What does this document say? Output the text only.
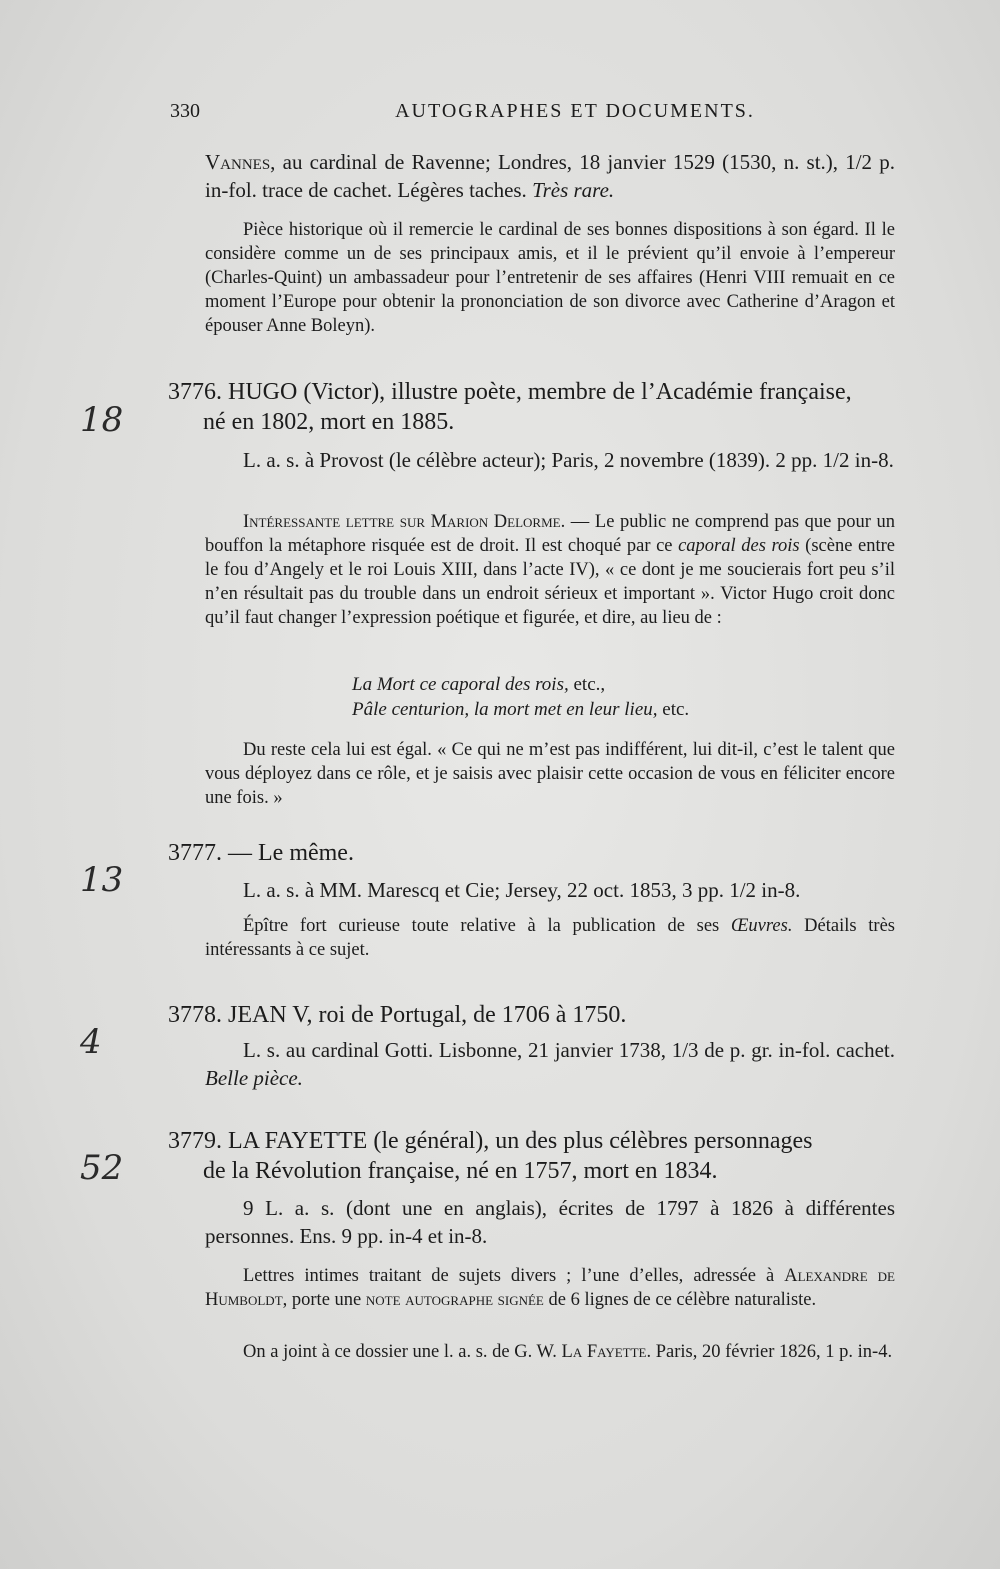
330	AUTOGRAPHES ET DOCUMENTS.

Vannes, au cardinal de Ravenne; Londres, 18 janvier 1529 (1530, n. st.), 1/2 p. in-fol. trace de cachet. Légères taches. Très rare.

Pièce historique où il remercie le cardinal de ses bonnes dispositions à son égard. Il le considère comme un de ses principaux amis, et il le prévient qu’il envoie à l’empereur (Charles-Quint) un ambassadeur pour l’entretenir de ses affaires (Henri VIII remuait en ce moment l’Europe pour obtenir la prononciation de son divorce avec Catherine d’Aragon et épouser Anne Boleyn).

18
3776. HUGO (Victor), illustre poète, membre de l’Académie française,
né en 1802, mort en 1885.

L. a. s. à Provost (le célèbre acteur); Paris, 2 novembre (1839). 2 pp. 1/2 in-8.

Intéressante lettre sur Marion Delorme. — Le public ne comprend pas que pour un bouffon la métaphore risquée est de droit. Il est choqué par ce caporal des rois (scène entre le fou d’Angely et le roi Louis XIII, dans l’acte IV), « ce dont je me soucierais fort peu s’il n’en résultait pas du trouble dans un endroit sérieux et important ». Victor Hugo croit donc qu’il faut changer l’expression poétique et figurée, et dire, au lieu de :

La Mort ce caporal des rois, etc.,
Pâle centurion, la mort met en leur lieu, etc.

Du reste cela lui est égal. « Ce qui ne m’est pas indifférent, lui dit-il, c’est le talent que vous déployez dans ce rôle, et je saisis avec plaisir cette occasion de vous en féliciter encore une fois. »

13
3777. — Le même.

L. a. s. à MM. Marescq et Cie; Jersey, 22 oct. 1853, 3 pp. 1/2 in-8.

Épître fort curieuse toute relative à la publication de ses Œuvres. Détails très intéressants à ce sujet.

4
3778. JEAN V, roi de Portugal, de 1706 à 1750.

L. s. au cardinal Gotti. Lisbonne, 21 janvier 1738, 1/3 de p. gr. in-fol. cachet. Belle pièce.

52
3779. LA FAYETTE (le général), un des plus célèbres personnages
de la Révolution française, né en 1757, mort en 1834.

9 L. a. s. (dont une en anglais), écrites de 1797 à 1826 à différentes personnes. Ens. 9 pp. in-4 et in-8.

Lettres intimes traitant de sujets divers ; l’une d’elles, adressée à Alexandre de Humboldt, porte une note autographe signée de 6 lignes de ce célèbre naturaliste.

On a joint à ce dossier une l. a. s. de G. W. La Fayette. Paris, 20 février 1826, 1 p. in-4.
